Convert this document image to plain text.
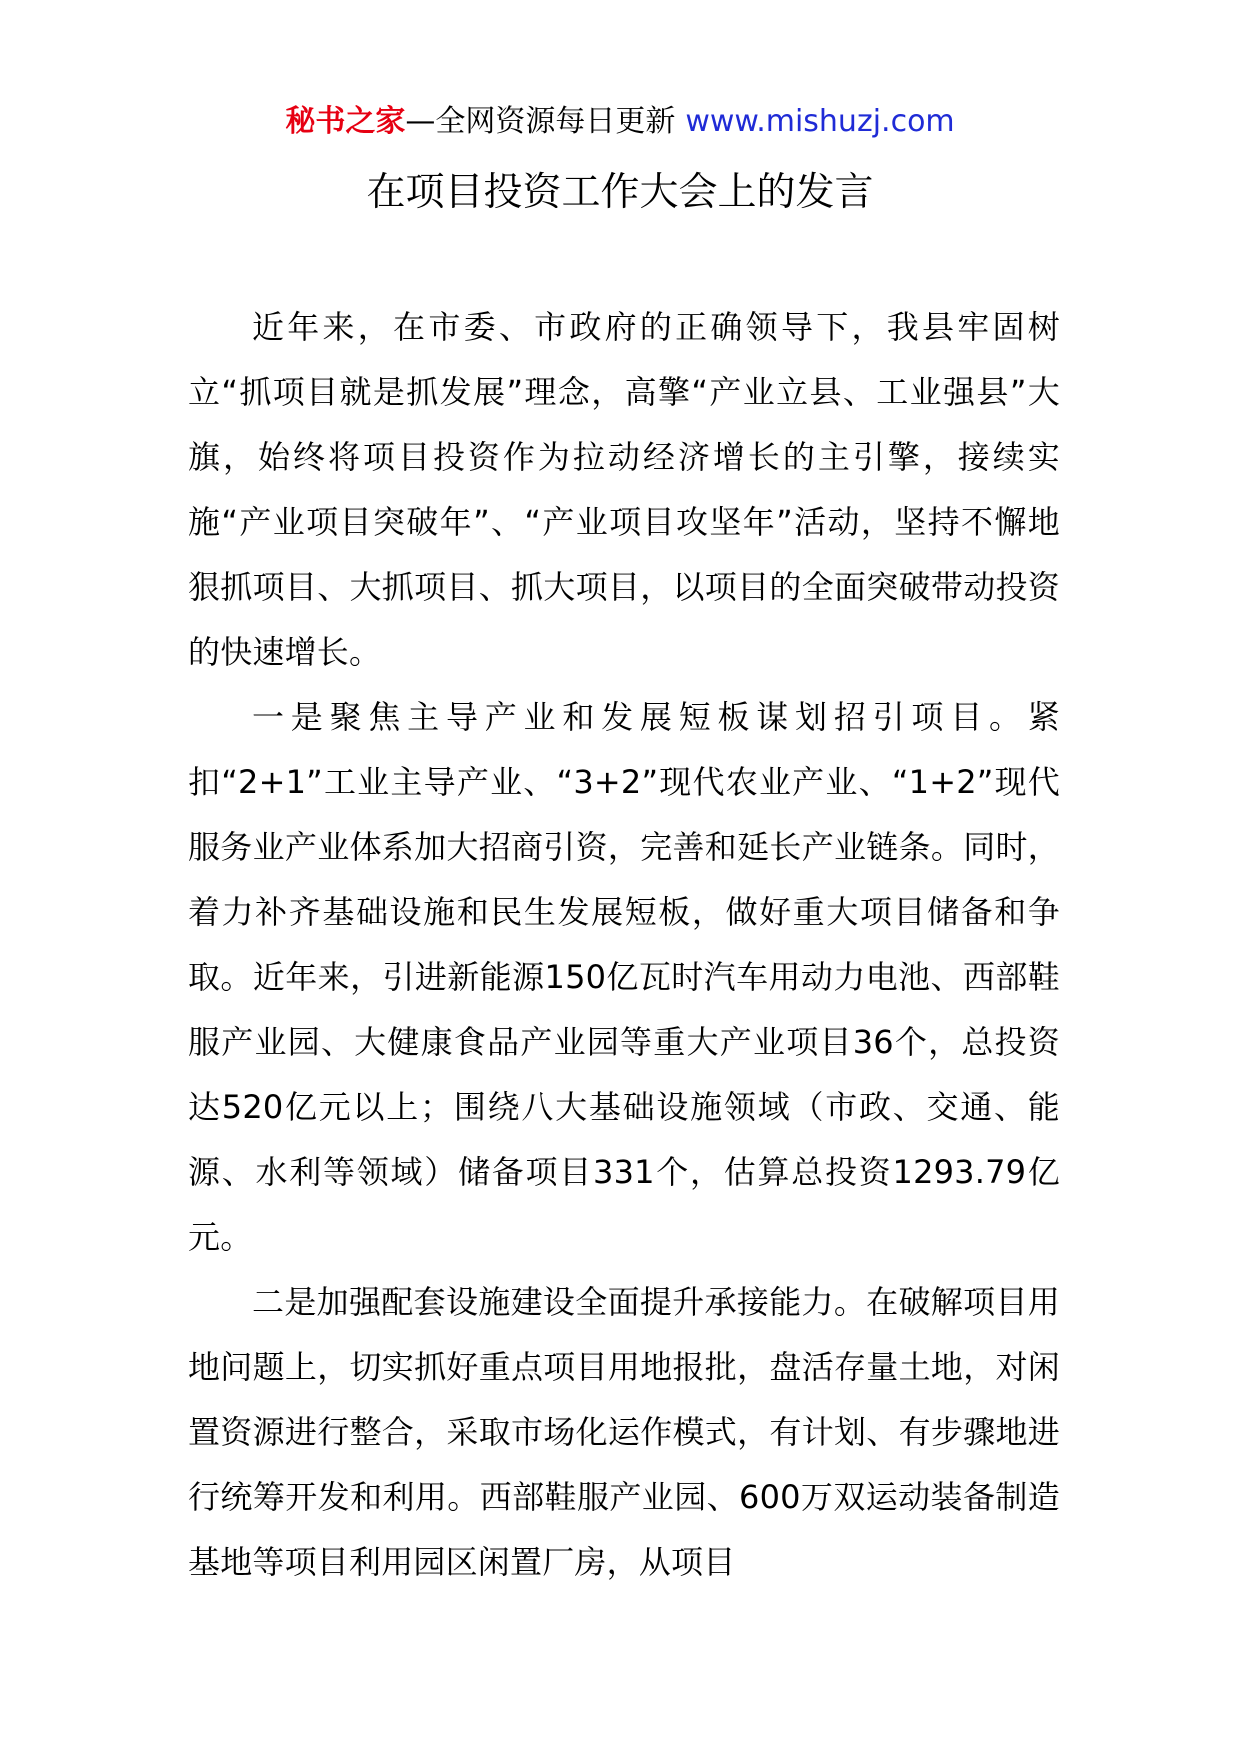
秘书之家—全网资源每日更新 www.mishuzj.com
在项目投资工作大会上的发言

近年来，在市委、市政府的正确领导下，我县牢固树立“抓项目就是抓发展”理念，高擎“产业立县、工业强县”大旗，始终将项目投资作为拉动经济增长的主引擎，接续实施“产业项目突破年”、“产业项目攻坚年”活动，坚持不懈地狠抓项目、大抓项目、抓大项目，以项目的全面突破带动投资的快速增长。

一是聚焦主导产业和发展短板谋划招引项目。紧扣“2+1”工业主导产业、“3+2”现代农业产业、“1+2”现代服务业产业体系加大招商引资，完善和延长产业链条。同时，着力补齐基础设施和民生发展短板，做好重大项目储备和争取。近年来，引进新能源150亿瓦时汽车用动力电池、西部鞋服产业园、大健康食品产业园等重大产业项目36个，总投资达520亿元以上；围绕八大基础设施领域（市政、交通、能源、水利等领域）储备项目331个，估算总投资1293.79亿元。

二是加强配套设施建设全面提升承接能力。在破解项目用地问题上，切实抓好重点项目用地报批，盘活存量土地，对闲置资源进行整合，采取市场化运作模式，有计划、有步骤地进行统筹开发和利用。西部鞋服产业园、600万双运动装备制造基地等项目利用园区闲置厂房，从项目
